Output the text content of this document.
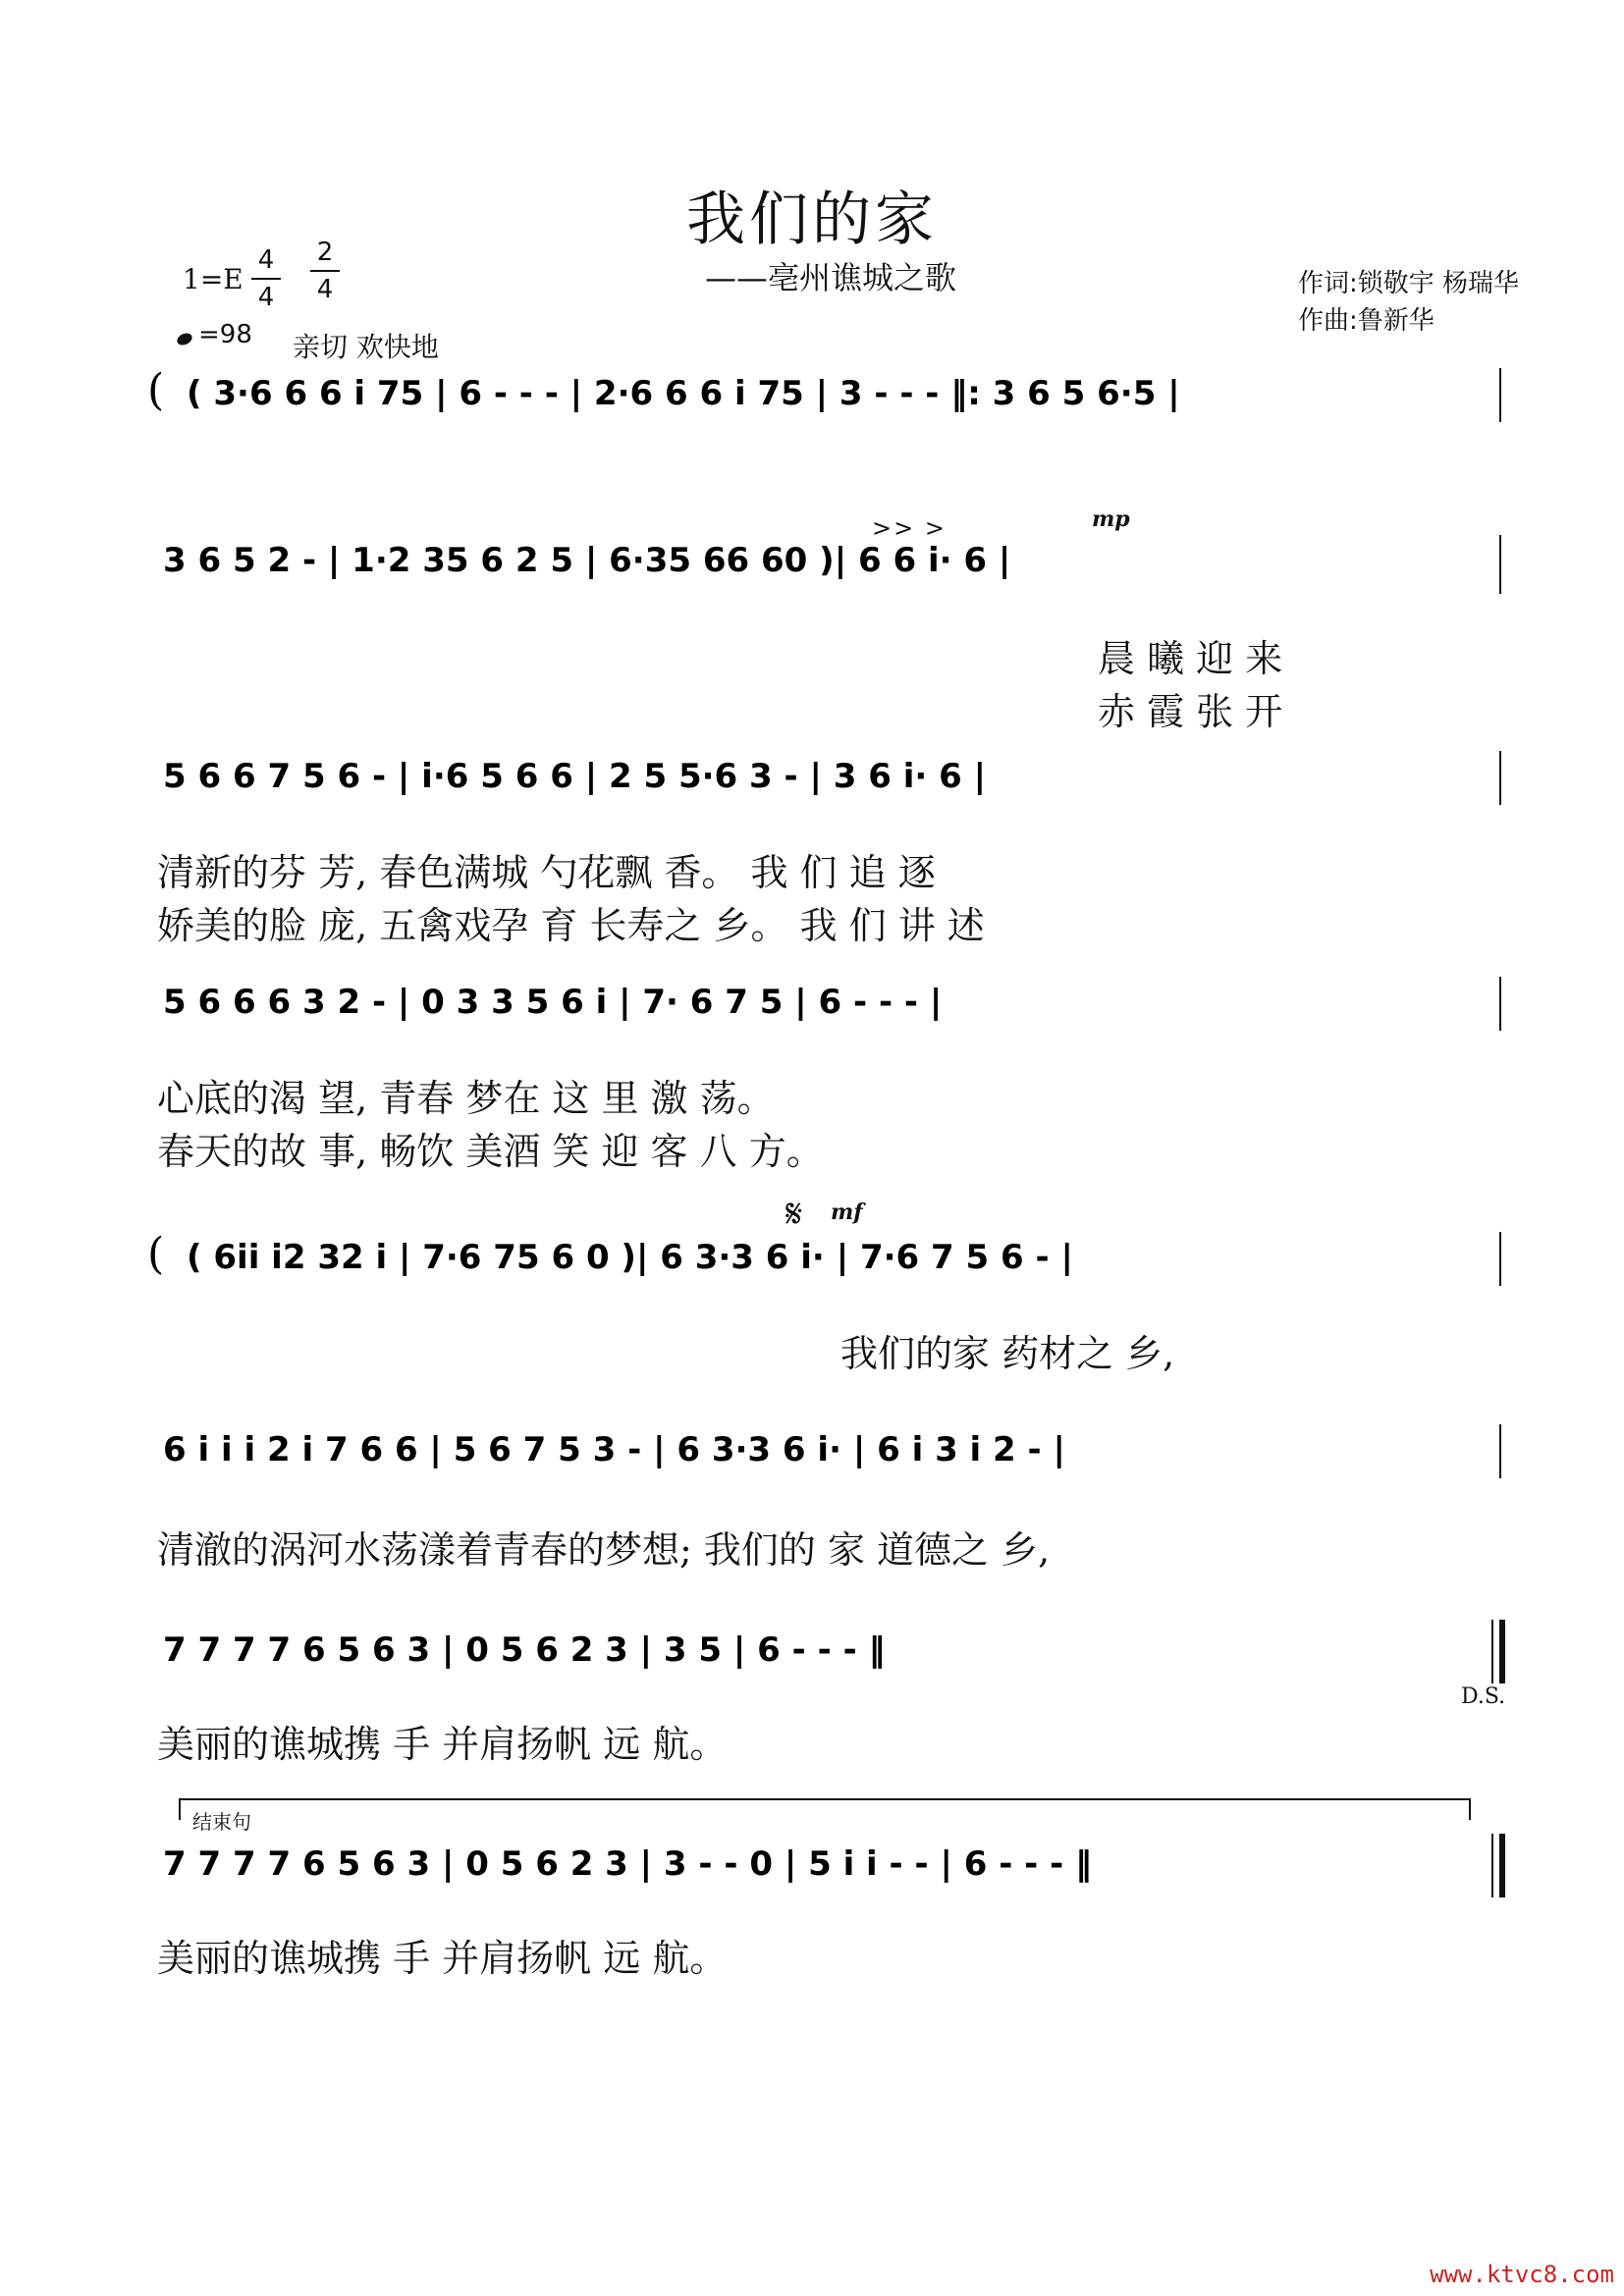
我们的家
——亳州谯城之歌	作词:锁敬宇 杨瑞华
作曲:鲁新华
1=E
4
4
2
4
=98 亲切 欢快地
( ( 3·6 6 6 i 75 | 6 - - - | 2·6 6 6 i 75 | 3 - - - ‖: 3 6 5 6·5 |
3 6 5 2 - | 1·2 35 6 2 5 | 6·35 66 60 )| 6 6 i· 6 |
mp
>> >
晨 曦 迎 来
赤 霞 张 开
5 6 6 7 5 6 - | i·6 5 6 6 | 2 5 5·6 3 - | 3 6 i· 6 |
清新的芬 芳, 春色满城 勺花飘 香。 我 们 追 逐
娇美的脸 庞, 五禽戏孕 育 长寿之 乡。 我 们 讲 述
5 6 6 6 3 2 - | 0 3 3 5 6 i | 7· 6 7 5 | 6 - - - |
心底的渴 望, 青春 梦在 这 里 激 荡。
春天的故 事, 畅饮 美酒 笑 迎 客 八 方。
𝄋 mf
( ( 6ii i2 32 i | 7·6 75 6 0 )| 6 3·3 6 i· | 7·6 7 5 6 - |
我们的家 药材之 乡,
6 i i i 2 i 7 6 6 | 5 6 7 5 3 - | 6 3·3 6 i· | 6 i 3 i 2 - |
清澈的涡河水荡漾着青春的梦想; 我们的 家 道德之 乡,
7 7 7 7 6 5 6 3 | 0 5 6 2 3 | 3 5 | 6 - - - ‖
D.S.
美丽的谯城携 手 并肩扬帆 远 航。
结束句
7 7 7 7 6 5 6 3 | 0 5 6 2 3 | 3 - - 0 | 5 i i - - | 6 - - - ‖
美丽的谯城携 手 并肩扬帆 远 航。
www.ktvc8.com
